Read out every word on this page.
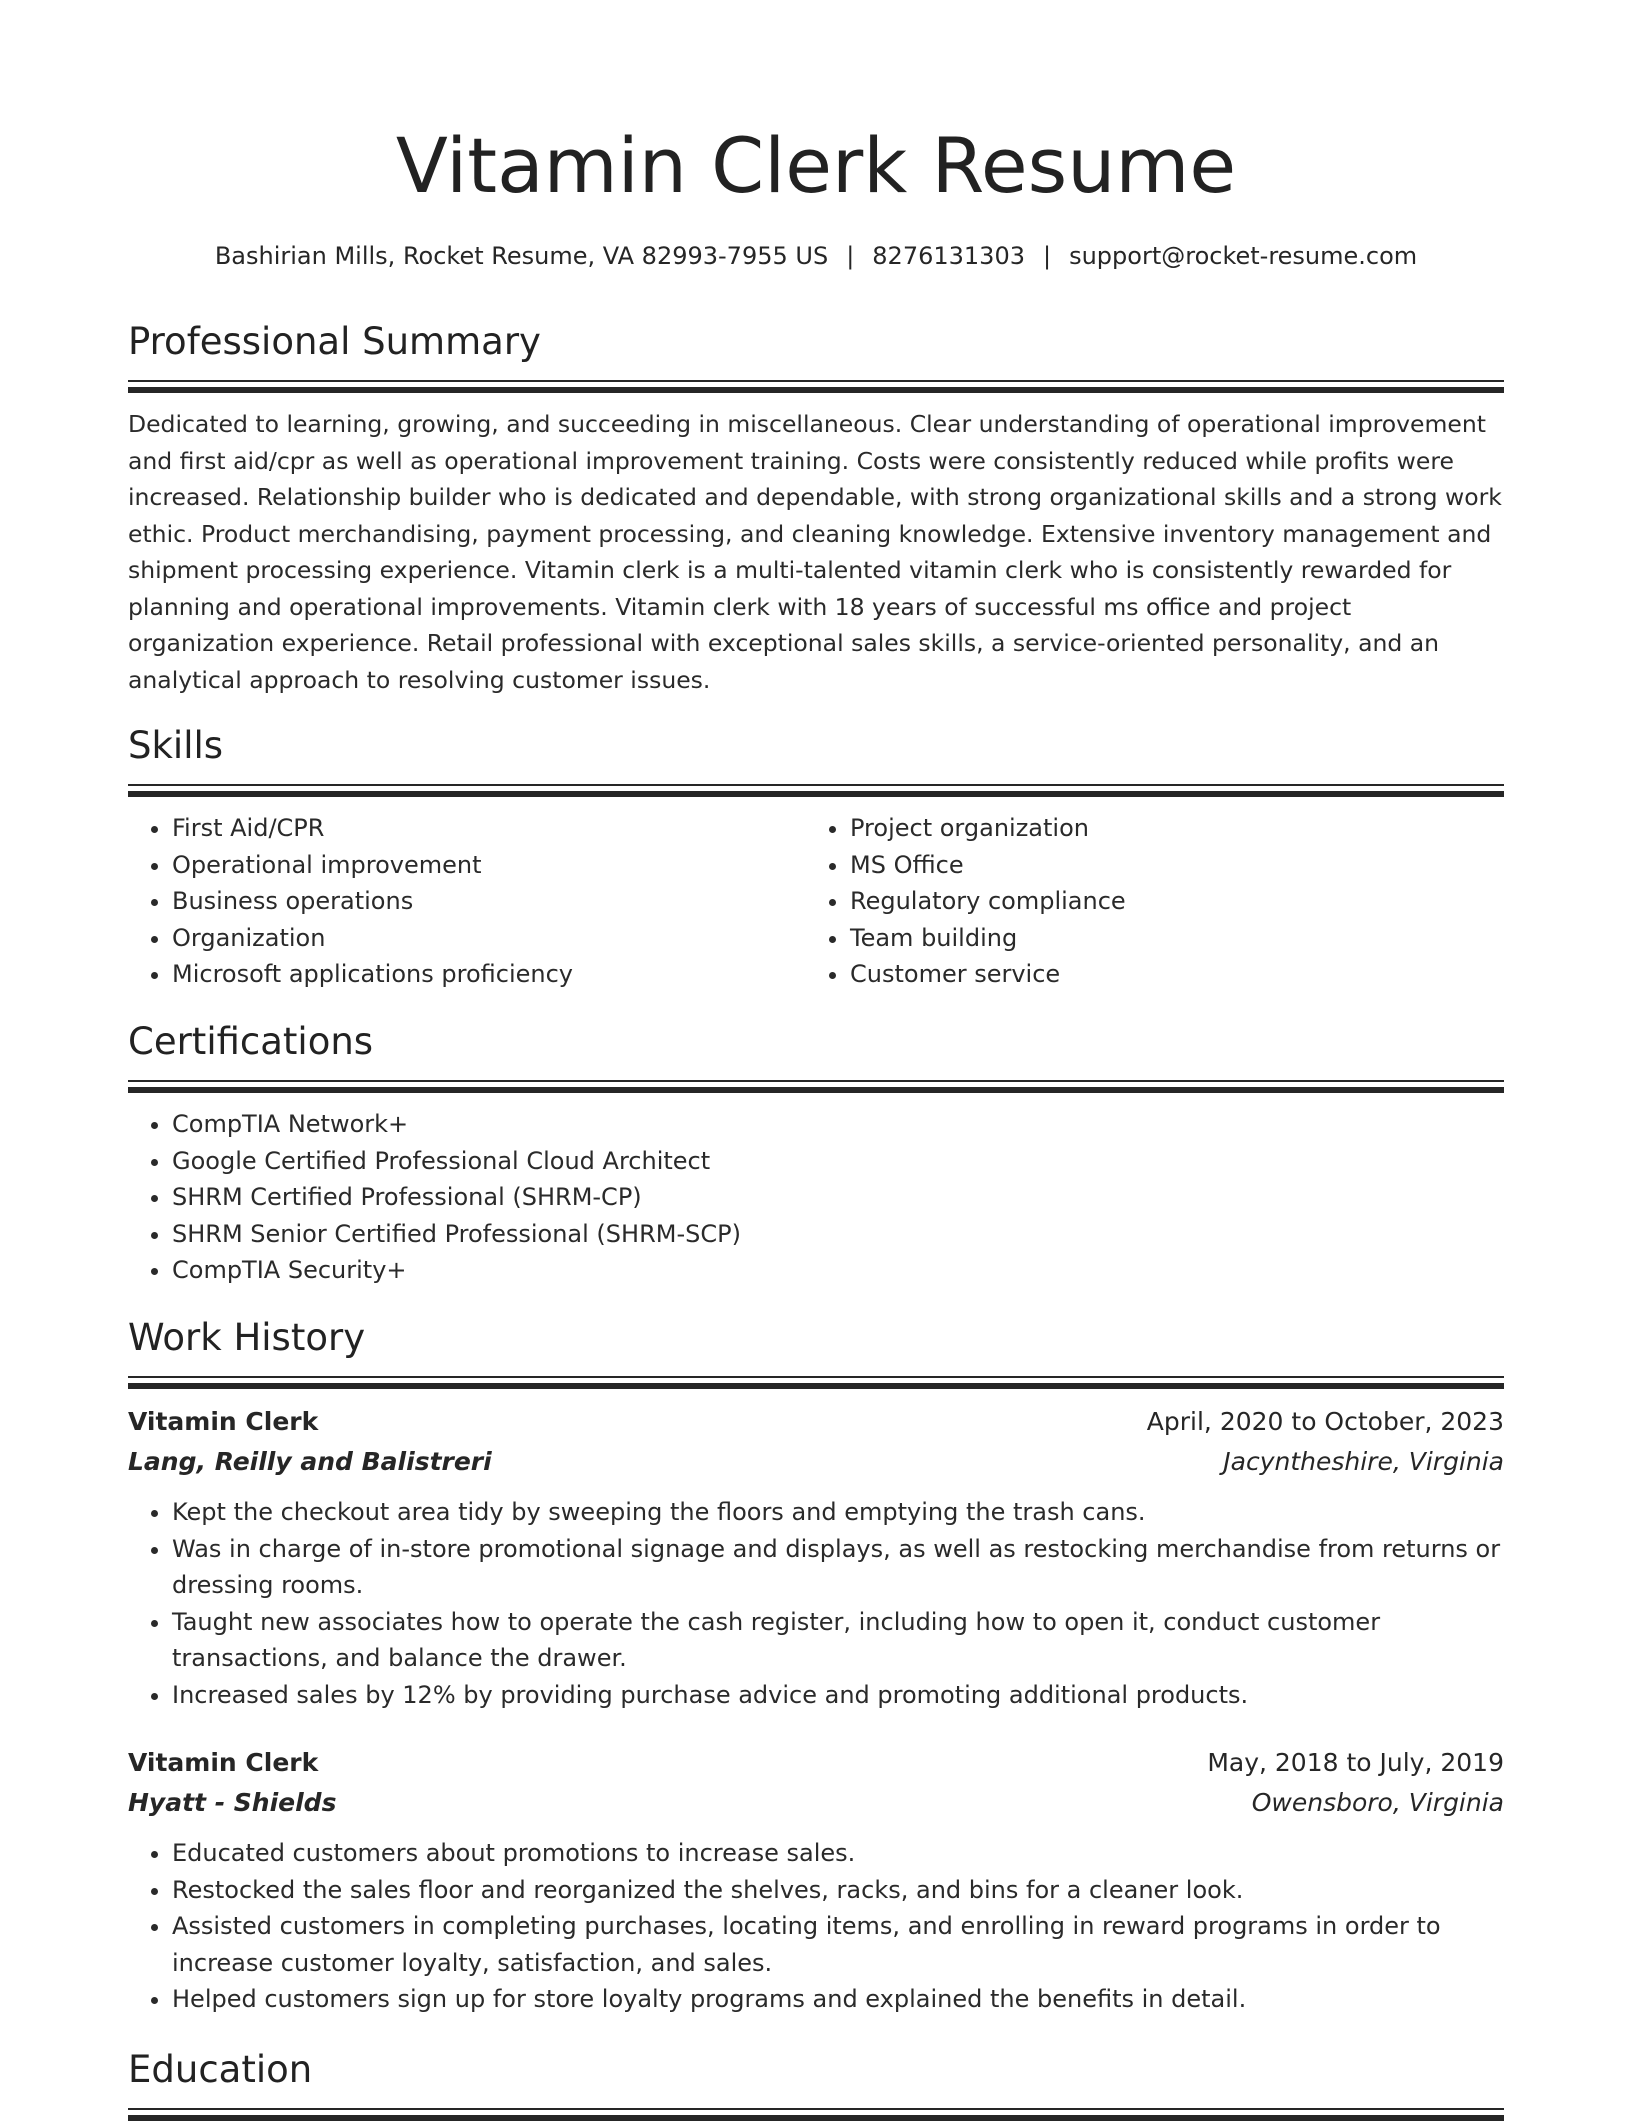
Vitamin Clerk Resume
Bashirian Mills, Rocket Resume, VA 82993-7955 US | 8276131303 | support@rocket-resume.com
Professional Summary

Dedicated to learning, growing, and succeeding in miscellaneous. Clear understanding of operational improvement and first aid/cpr as well as operational improvement training. Costs were consistently reduced while profits were increased. Relationship builder who is dedicated and dependable, with strong organizational skills and a strong work ethic. Product merchandising, payment processing, and cleaning knowledge. Extensive inventory management and shipment processing experience. Vitamin clerk is a multi-talented vitamin clerk who is consistently rewarded for planning and operational improvements. Vitamin clerk with 18 years of successful ms office and project organization experience. Retail professional with exceptional sales skills, a service-oriented personality, and an analytical approach to resolving customer issues.

Skills
• First Aid/CPR
• Operational improvement
• Business operations
• Organization
• Microsoft applications proficiency
• Project organization
• MS Office
• Regulatory compliance
• Team building
• Customer service
Certifications
• CompTIA Network+
• Google Certified Professional Cloud Architect
• SHRM Certified Professional (SHRM-CP)
• SHRM Senior Certified Professional (SHRM-SCP)
• CompTIA Security+
Work History
Vitamin Clerk	April, 2020 to October, 2023
Lang, Reilly and Balistreri	Jacyntheshire, Virginia
• Kept the checkout area tidy by sweeping the floors and emptying the trash cans.
• Was in charge of in-store promotional signage and displays, as well as restocking merchandise from returns or dressing rooms.
• Taught new associates how to operate the cash register, including how to open it, conduct customer transactions, and balance the drawer.
• Increased sales by 12% by providing purchase advice and promoting additional products.
Vitamin Clerk	May, 2018 to July, 2019
Hyatt - Shields	Owensboro, Virginia
• Educated customers about promotions to increase sales.
• Restocked the sales floor and reorganized the shelves, racks, and bins for a cleaner look.
• Assisted customers in completing purchases, locating items, and enrolling in reward programs in order to increase customer loyalty, satisfaction, and sales.
• Helped customers sign up for store loyalty programs and explained the benefits in detail.
Education
